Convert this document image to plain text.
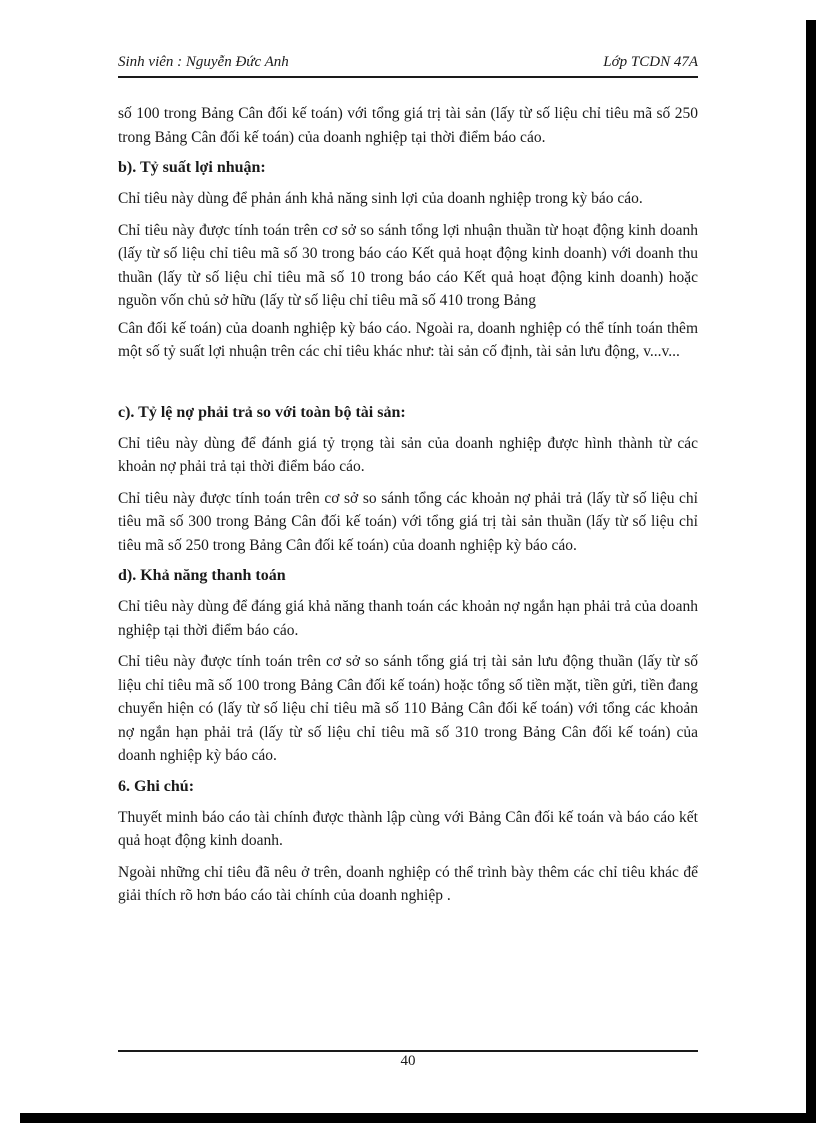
Sinh viên : Nguyễn Đức Anh	Lớp TCDN 47A

số 100 trong Bảng Cân đối kế toán) với tổng giá trị tài sản (lấy từ số liệu chỉ tiêu mã số 250 trong Bảng Cân đối kế toán) của doanh nghiệp tại thời điểm báo cáo.

b). Tỷ suất lợi nhuận:

Chỉ tiêu này dùng để phản ánh khả năng sinh lợi của doanh nghiệp trong kỳ báo cáo.

Chỉ tiêu này được tính toán trên cơ sở so sánh tổng lợi nhuận thuần từ hoạt động kinh doanh (lấy từ số liệu chỉ tiêu mã số 30 trong báo cáo Kết quả hoạt động kinh doanh) với doanh thu thuần (lấy từ số liệu chỉ tiêu mã số 10 trong báo cáo Kết quả hoạt động kinh doanh) hoặc nguồn vốn chủ sở hữu (lấy từ số liệu chỉ tiêu mã số 410 trong Bảng

Cân đối kế toán) của doanh nghiệp kỳ báo cáo. Ngoài ra, doanh nghiệp có thể tính toán thêm một số tỷ suất lợi nhuận trên các chỉ tiêu khác như: tài sản cố định, tài sản lưu động, v...v...

c). Tỷ lệ nợ phải trả so với toàn bộ tài sản:

Chỉ tiêu này dùng để đánh giá tỷ trọng tài sản của doanh nghiệp được hình thành từ các khoản nợ phải trả tại thời điểm báo cáo.

Chỉ tiêu này được tính toán trên cơ sở so sánh tổng các khoản nợ phải trả (lấy từ số liệu chỉ tiêu mã số 300 trong Bảng Cân đối kế toán) với tổng giá trị tài sản thuần (lấy từ số liệu chỉ tiêu mã số 250 trong Bảng Cân đối kế toán) của doanh nghiệp kỳ báo cáo.

d). Khả năng thanh toán

Chỉ tiêu này dùng để đáng giá khả năng thanh toán các khoản nợ ngắn hạn phải trả của doanh nghiệp tại thời điểm báo cáo.

Chỉ tiêu này được tính toán trên cơ sở so sánh tổng giá trị tài sản lưu động thuần (lấy từ số liệu chỉ tiêu mã số 100 trong Bảng Cân đối kế toán) hoặc tổng số tiền mặt, tiền gửi, tiền đang chuyển hiện có (lấy từ số liệu chỉ tiêu mã số 110 Bảng Cân đối kế toán) với tổng các khoản nợ ngắn hạn phải trả (lấy từ số liệu chỉ tiêu mã số 310 trong Bảng Cân đối kế toán) của doanh nghiệp kỳ báo cáo.

6. Ghi chú:

Thuyết minh báo cáo tài chính được thành lập cùng với Bảng Cân đối kế toán và báo cáo kết quả hoạt động kinh doanh.

Ngoài những chỉ tiêu đã nêu ở trên, doanh nghiệp có thể trình bày thêm các chỉ tiêu khác để giải thích rõ hơn báo cáo tài chính của doanh nghiệp .

40
